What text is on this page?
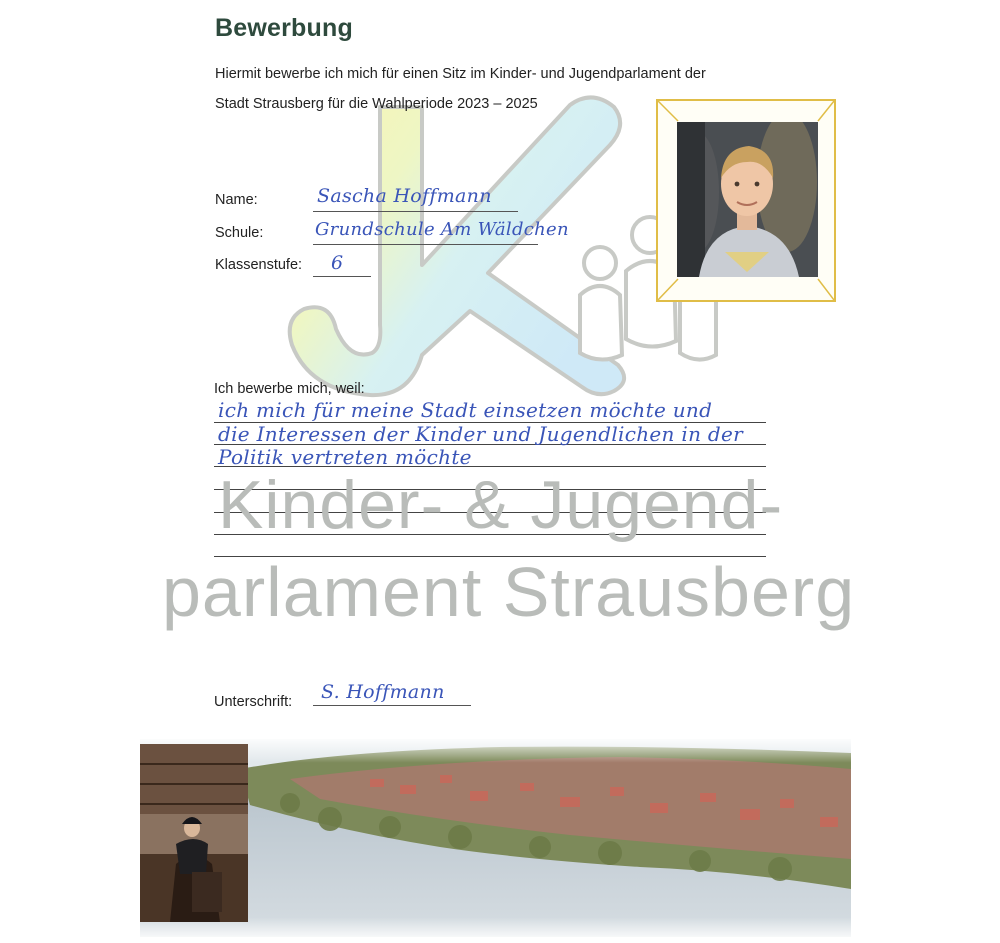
Bewerbung
Hiermit bewerbe ich mich für einen Sitz im Kinder- und Jugendparlament der
Stadt Strausberg für die Wahlperiode 2023 – 2025
Name:	Sascha Hoffmann
Schule:	Grundschule Am Wäldchen
Klassenstufe: 6
Ich bewerbe mich, weil:
ich mich für meine Stadt einsetzen möchte und
die Interessen der Kinder und Jugendlichen in der
Politik vertreten möchte
Kinder- & Jugend-
parlament Strausberg
Unterschrift: S. Hoffmann
